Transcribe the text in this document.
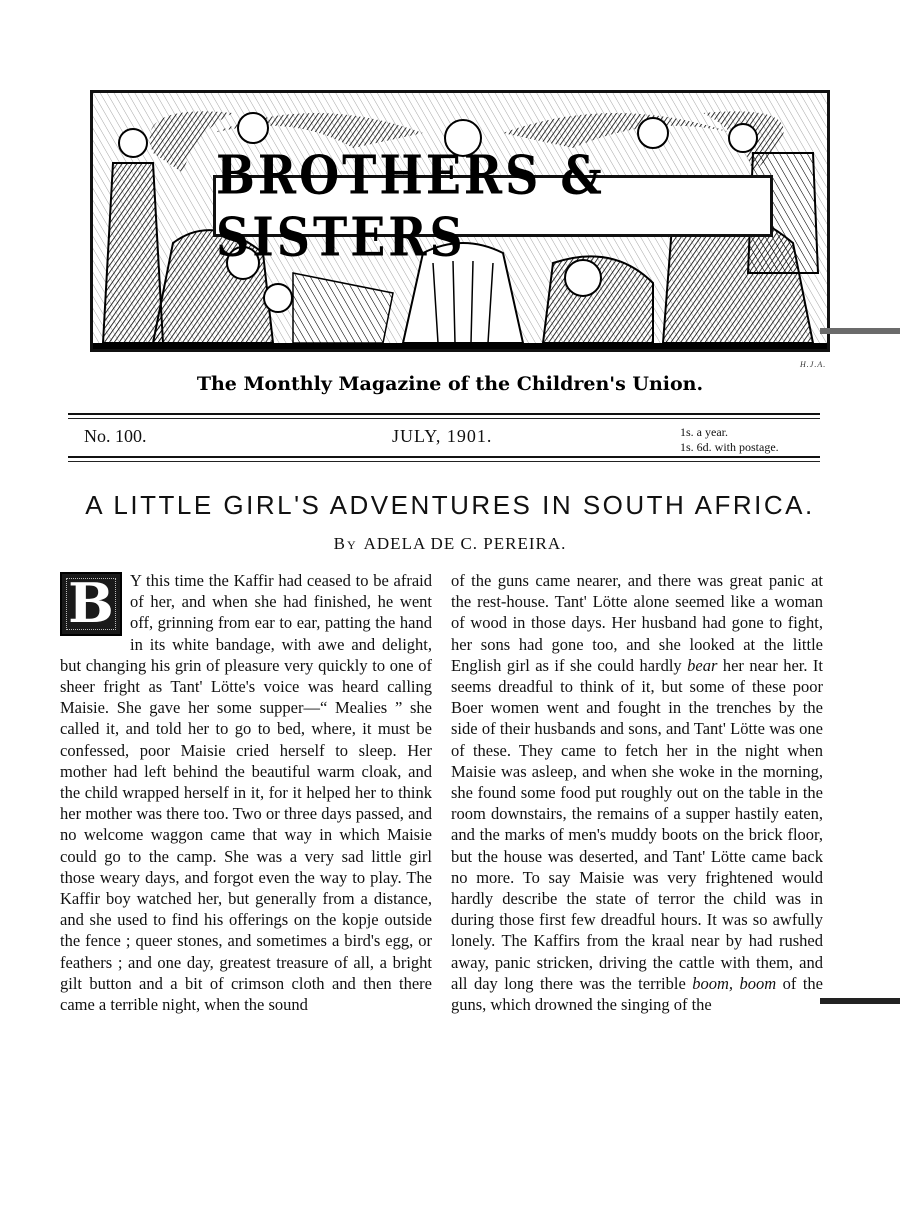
BROTHERS & SISTERS
H.J.A.
The Monthly Magazine of the Children's Union.
No. 100.	JULY, 1901.	1s. a year.
1s. 6d. with postage.
A LITTLE GIRL'S ADVENTURES IN SOUTH AFRICA.
By ADELA DE C. PEREIRA.

B Y this time the Kaffir had ceased to be afraid of her, and when she had finished, he went off, grinning from ear to ear, patting the hand in its white bandage, with awe and delight, but changing his grin of pleasure very quickly to one of sheer fright as Tant' Lötte's voice was heard calling Maisie. She gave her some supper—“ Mealies ” she called it, and told her to go to bed, where, it must be confessed, poor Maisie cried herself to sleep. Her mother had left behind the beautiful warm cloak, and the child wrapped herself in it, for it helped her to think her mother was there too. Two or three days passed, and no welcome waggon came that way in which Maisie could go to the camp. She was a very sad little girl those weary days, and forgot even the way to play. The Kaffir boy watched her, but generally from a distance, and she used to find his offerings on the kopje outside the fence ; queer stones, and sometimes a bird's egg, or feathers ; and one day, greatest treasure of all, a bright gilt button and a bit of crimson cloth and then there came a terrible night, when the sound

of the guns came nearer, and there was great panic at the rest-house. Tant' Lötte alone seemed like a woman of wood in those days. Her husband had gone to fight, her sons had gone too, and she looked at the little English girl as if she could hardly bear her near her. It seems dreadful to think of it, but some of these poor Boer women went and fought in the trenches by the side of their husbands and sons, and Tant' Lötte was one of these. They came to fetch her in the night when Maisie was asleep, and when she woke in the morning, she found some food put roughly out on the table in the room downstairs, the remains of a supper hastily eaten, and the marks of men's muddy boots on the brick floor, but the house was deserted, and Tant' Lötte came back no more. To say Maisie was very frightened would hardly describe the state of terror the child was in during those first few dreadful hours. It was so awfully lonely. The Kaffirs from the kraal near by had rushed away, panic stricken, driving the cattle with them, and all day long there was the terrible boom, boom of the guns, which drowned the singing of the
